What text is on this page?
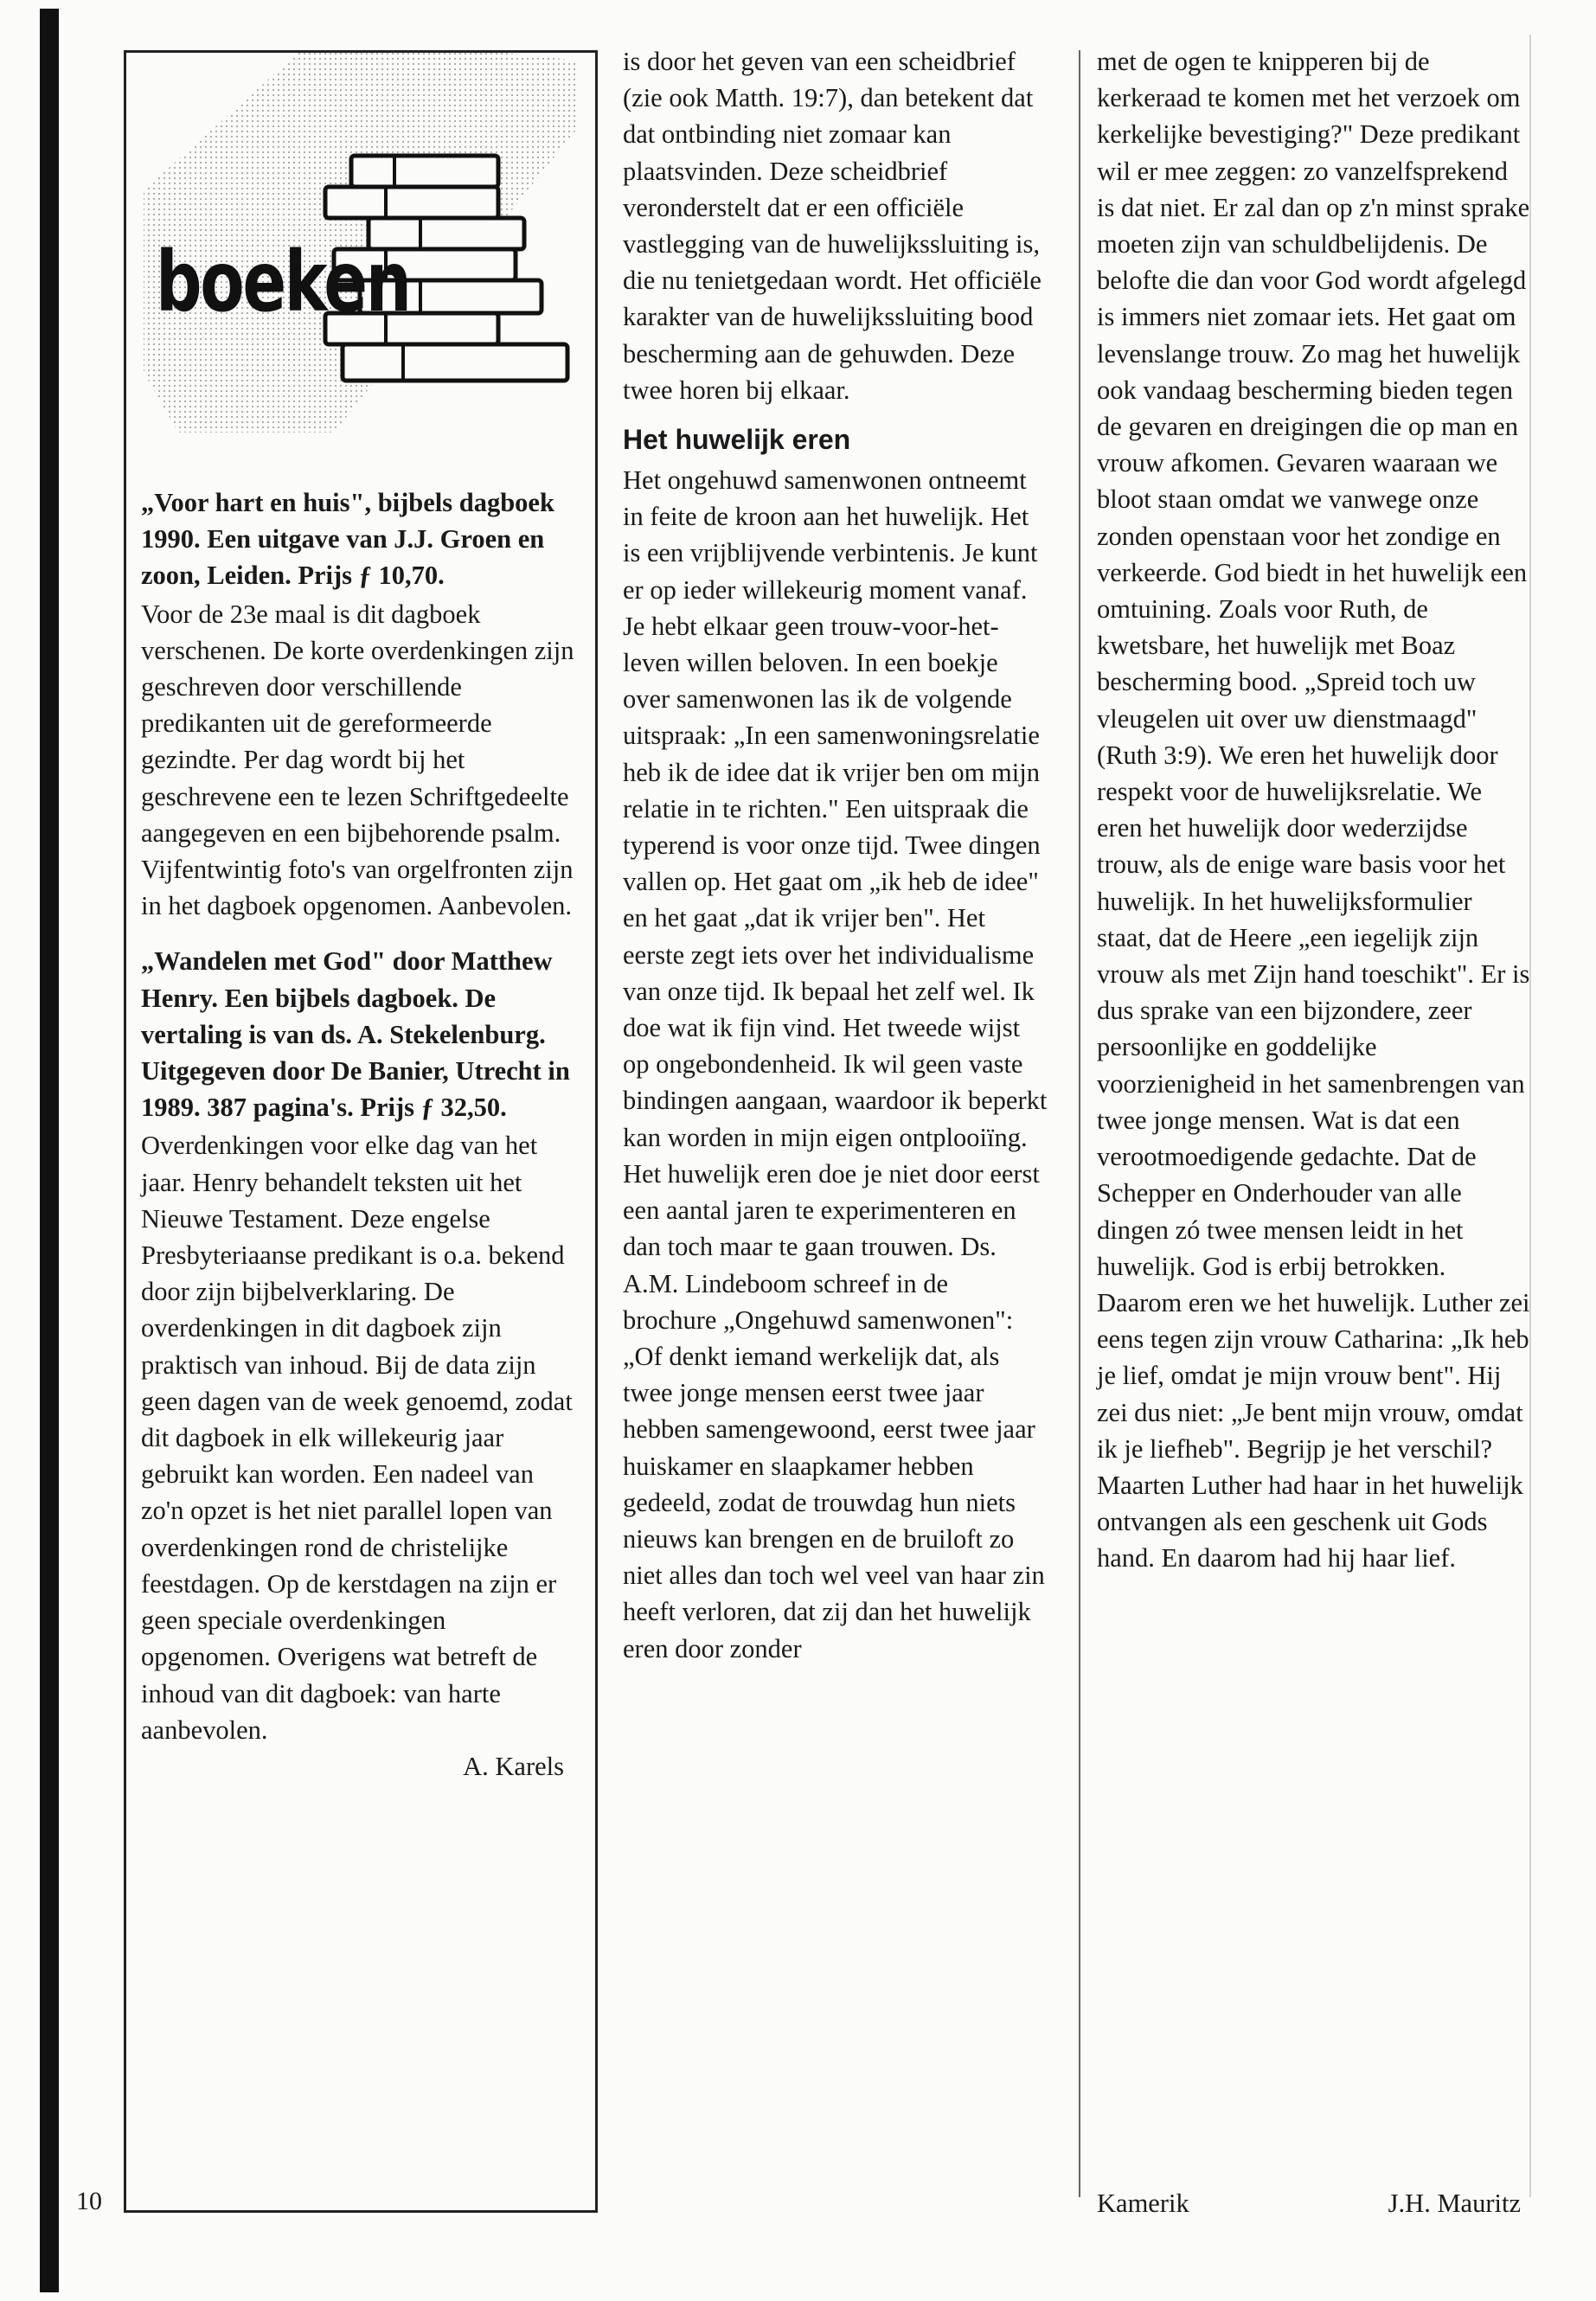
boeken

„Voor hart en huis", bijbels dagboek 1990. Een uitgave van J.J. Groen en zoon, Leiden. Prijs ƒ 10,70.

Voor de 23e maal is dit dagboek verschenen. De korte overdenkingen zijn geschreven door verschillende predikanten uit de gereformeerde gezindte. Per dag wordt bij het geschrevene een te lezen Schriftgedeelte aangegeven en een bijbehorende psalm. Vijfentwintig foto's van orgelfronten zijn in het dagboek opgenomen. Aanbevolen.

„Wandelen met God" door Matthew Henry. Een bijbels dagboek. De vertaling is van ds. A. Stekelenburg. Uitgegeven door De Banier, Utrecht in 1989. 387 pagina's. Prijs ƒ 32,50.

Overdenkingen voor elke dag van het jaar. Henry behandelt teksten uit het Nieuwe Testament. Deze engelse Presbyteriaanse predikant is o.a. bekend door zijn bijbelverklaring. De overdenkingen in dit dagboek zijn praktisch van inhoud. Bij de data zijn geen dagen van de week genoemd, zodat dit dagboek in elk willekeurig jaar gebruikt kan worden. Een nadeel van zo'n opzet is het niet parallel lopen van overdenkingen rond de christelijke feestdagen. Op de kerstdagen na zijn er geen speciale overdenkingen opgenomen. Overigens wat betreft de inhoud van dit dagboek: van harte aanbevolen.

A. Karels

10

is door het geven van een scheidbrief (zie ook Matth. 19:7), dan betekent dat dat ontbinding niet zomaar kan plaatsvinden. Deze scheidbrief veronderstelt dat er een officiële vastlegging van de huwelijkssluiting is, die nu tenietgedaan wordt. Het officiële karakter van de huwelijkssluiting bood bescherming aan de gehuwden. Deze twee horen bij elkaar.

Het huwelijk eren

Het ongehuwd samenwonen ontneemt in feite de kroon aan het huwelijk. Het is een vrijblijvende verbintenis. Je kunt er op ieder willekeurig moment vanaf. Je hebt elkaar geen trouw-voor-het-leven willen beloven. In een boekje over samenwonen las ik de volgende uitspraak: „In een samenwoningsrelatie heb ik de idee dat ik vrijer ben om mijn relatie in te richten." Een uitspraak die typerend is voor onze tijd. Twee dingen vallen op. Het gaat om „ik heb de idee" en het gaat „dat ik vrijer ben". Het eerste zegt iets over het individualisme van onze tijd. Ik bepaal het zelf wel. Ik doe wat ik fijn vind. Het tweede wijst op ongebondenheid. Ik wil geen vaste bindingen aangaan, waardoor ik beperkt kan worden in mijn eigen ontplooiïng. Het huwelijk eren doe je niet door eerst een aantal jaren te experimenteren en dan toch maar te gaan trouwen. Ds. A.M. Lindeboom schreef in de brochure „Ongehuwd samenwonen": „Of denkt iemand werkelijk dat, als twee jonge mensen eerst twee jaar hebben samengewoond, eerst twee jaar huiskamer en slaapkamer hebben gedeeld, zodat de trouwdag hun niets nieuws kan brengen en de bruiloft zo niet alles dan toch wel veel van haar zin heeft verloren, dat zij dan het huwelijk eren door zonder

met de ogen te knipperen bij de kerkeraad te komen met het verzoek om kerkelijke bevestiging?" Deze predikant wil er mee zeggen: zo vanzelfsprekend is dat niet. Er zal dan op z'n minst sprake moeten zijn van schuldbelijdenis. De belofte die dan voor God wordt afgelegd is immers niet zomaar iets. Het gaat om levenslange trouw. Zo mag het huwelijk ook vandaag bescherming bieden tegen de gevaren en dreigingen die op man en vrouw afkomen. Gevaren waaraan we bloot staan omdat we vanwege onze zonden openstaan voor het zondige en verkeerde. God biedt in het huwelijk een omtuining. Zoals voor Ruth, de kwetsbare, het huwelijk met Boaz bescherming bood. „Spreid toch uw vleugelen uit over uw dienstmaagd" (Ruth 3:9). We eren het huwelijk door respekt voor de huwelijksrelatie. We eren het huwelijk door wederzijdse trouw, als de enige ware basis voor het huwelijk. In het huwelijksformulier staat, dat de Heere „een iegelijk zijn vrouw als met Zijn hand toeschikt". Er is dus sprake van een bijzondere, zeer persoonlijke en goddelijke voorzienigheid in het samenbrengen van twee jonge mensen. Wat is dat een verootmoedigende gedachte. Dat de Schepper en Onderhouder van alle dingen zó twee mensen leidt in het huwelijk. God is erbij betrokken. Daarom eren we het huwelijk. Luther zei eens tegen zijn vrouw Catharina: „Ik heb je lief, omdat je mijn vrouw bent". Hij zei dus niet: „Je bent mijn vrouw, omdat ik je liefheb". Begrijp je het verschil? Maarten Luther had haar in het huwelijk ontvangen als een geschenk uit Gods hand. En daarom had hij haar lief.

Kamerik	J.H. Mauritz
